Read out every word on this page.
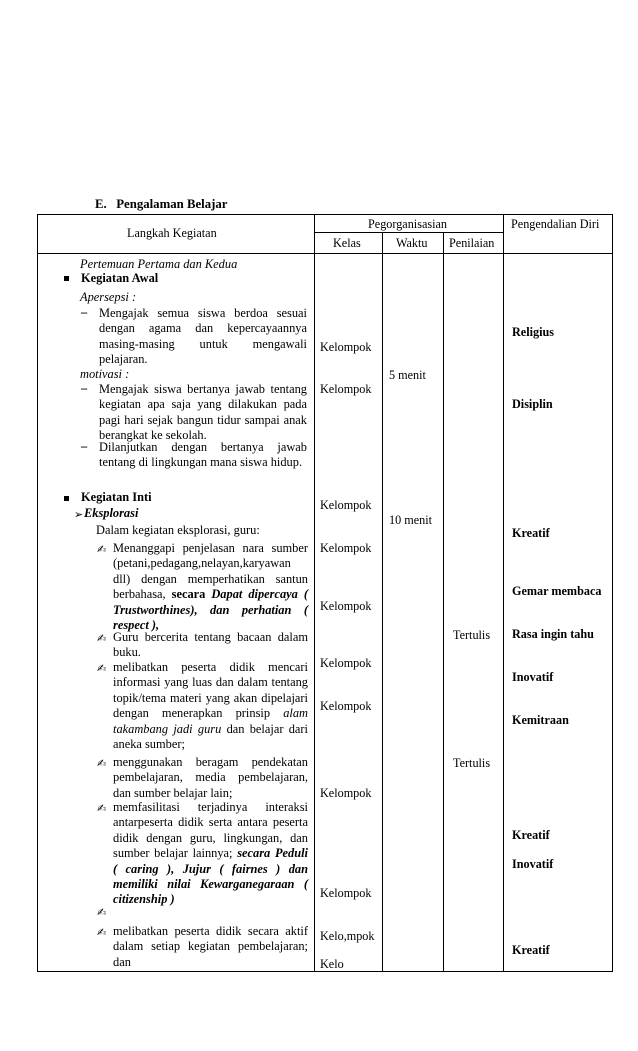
E. Pengalaman Belajar
Langkah Kegiatan
Pegorganisasian	Pengendalian Diri
Kelas	Waktu Penilaian
Pertemuan Pertama dan Kedua
Kegiatan Awal
Apersepsi :
– Mengajak semua siswa berdoa sesuai dengan agama dan kepercayaannya masing-masing untuk mengawali pelajaran.
motivasi :
– Mengajak siswa bertanya jawab tentang kegiatan apa saja yang dilakukan pada pagi hari sejak bangun tidur sampai anak berangkat ke sekolah.
– Dilanjutkan dengan bertanya jawab tentang di lingkungan mana siswa hidup.
Kegiatan Inti
➢ Eksplorasi
Dalam kegiatan eksplorasi, guru:
✍ Menanggapi penjelasan nara sumber (petani,pedagang,nelayan,karyawan dll) dengan memperhatikan santun berbahasa, secara Dapat dipercaya ( Trustworthines), dan perhatian ( respect ),
✍ Guru bercerita tentang bacaan dalam buku.
✍ melibatkan peserta didik mencari informasi yang luas dan dalam tentang topik/tema materi yang akan dipelajari dengan menerapkan prinsip alam takambang jadi guru dan belajar dari aneka sumber;
✍ menggunakan beragam pendekatan pembelajaran, media pembelajaran, dan sumber belajar lain;
✍ memfasilitasi terjadinya interaksi antarpeserta didik serta antara peserta didik dengan guru, lingkungan, dan sumber belajar lainnya; secara Peduli ( caring ), Jujur ( fairnes ) dan memiliki nilai Kewarganegaraan ( citizenship )
✍
✍ melibatkan peserta didik secara aktif dalam setiap kegiatan pembelajaran; dan
Kelompok
Kelompok
Kelompok
Kelompok
Kelompok
Kelompok
Kelompok
Kelompok
Kelompok
Kelo,mpok
Kelo
5 menit
10 menit
Tertulis
Tertulis
Religius
Disiplin
Kreatif
Gemar membaca
Rasa ingin tahu
Inovatif
Kemitraan
Kreatif
Inovatif
Kreatif
